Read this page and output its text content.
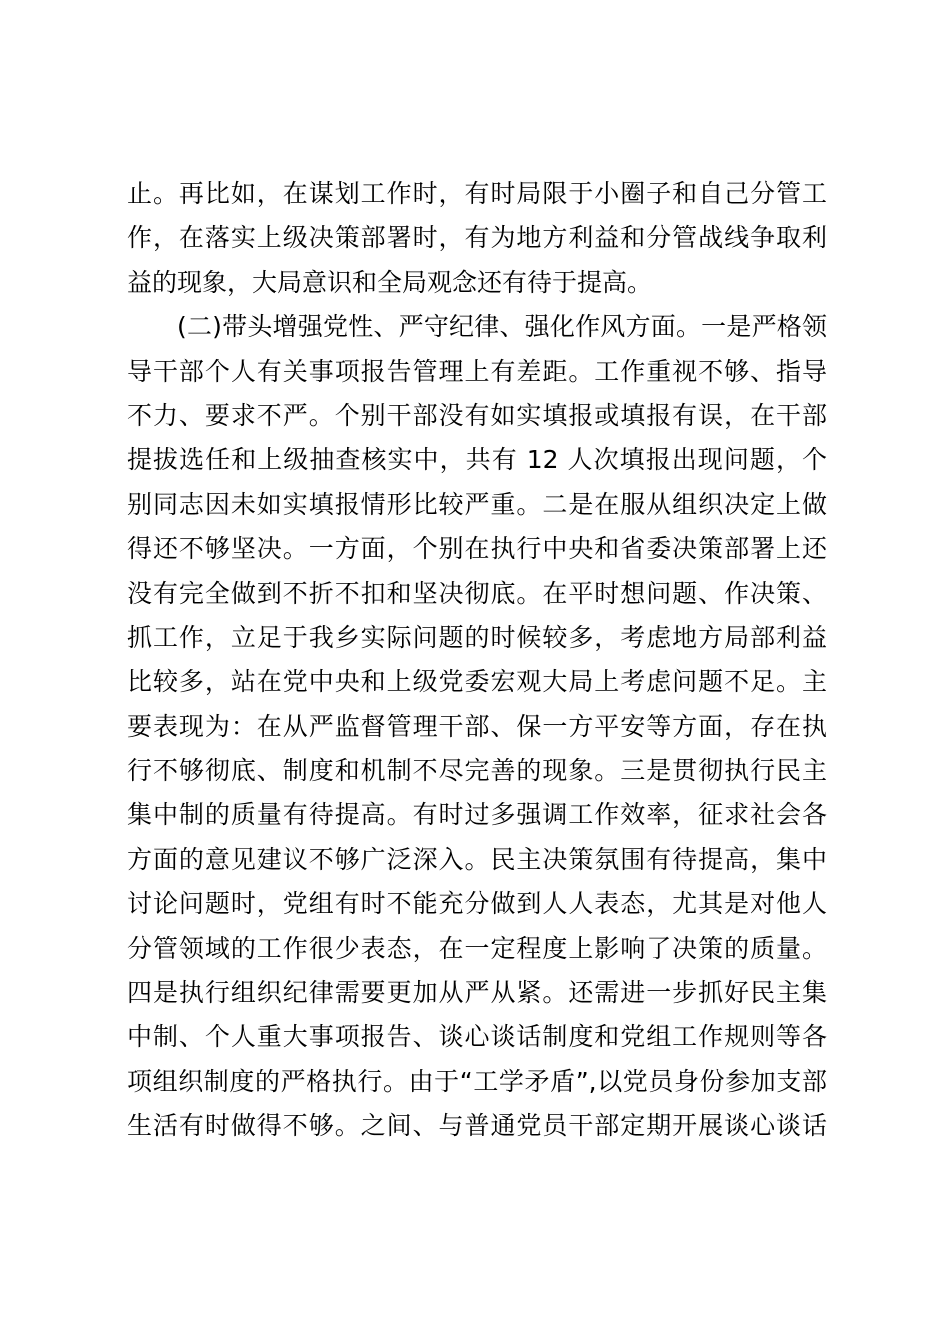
止。再比如，在谋划工作时，有时局限于小圈子和自己分管工
作，在落实上级决策部署时，有为地方利益和分管战线争取利
益的现象，大局意识和全局观念还有待于提高。
(二)带头增强党性、严守纪律、强化作风方面。一是严格领
导干部个人有关事项报告管理上有差距。工作重视不够、指导
不力、要求不严。个别干部没有如实填报或填报有误，在干部
提拔选任和上级抽查核实中，共有 12 人次填报出现问题，个
别同志因未如实填报情形比较严重。二是在服从组织决定上做
得还不够坚决。一方面，个别在执行中央和省委决策部署上还
没有完全做到不折不扣和坚决彻底。在平时想问题、作决策、
抓工作，立足于我乡实际问题的时候较多，考虑地方局部利益
比较多，站在党中央和上级党委宏观大局上考虑问题不足。主
要表现为：在从严监督管理干部、保一方平安等方面，存在执
行不够彻底、制度和机制不尽完善的现象。三是贯彻执行民主
集中制的质量有待提高。有时过多强调工作效率，征求社会各
方面的意见建议不够广泛深入。民主决策氛围有待提高，集中
讨论问题时，党组有时不能充分做到人人表态，尤其是对他人
分管领域的工作很少表态，在一定程度上影响了决策的质量。
四是执行组织纪律需要更加从严从紧。还需进一步抓好民主集
中制、个人重大事项报告、谈心谈话制度和党组工作规则等各
项组织制度的严格执行。由于“工学矛盾”,以党员身份参加支部
生活有时做得不够。之间、与普通党员干部定期开展谈心谈话
